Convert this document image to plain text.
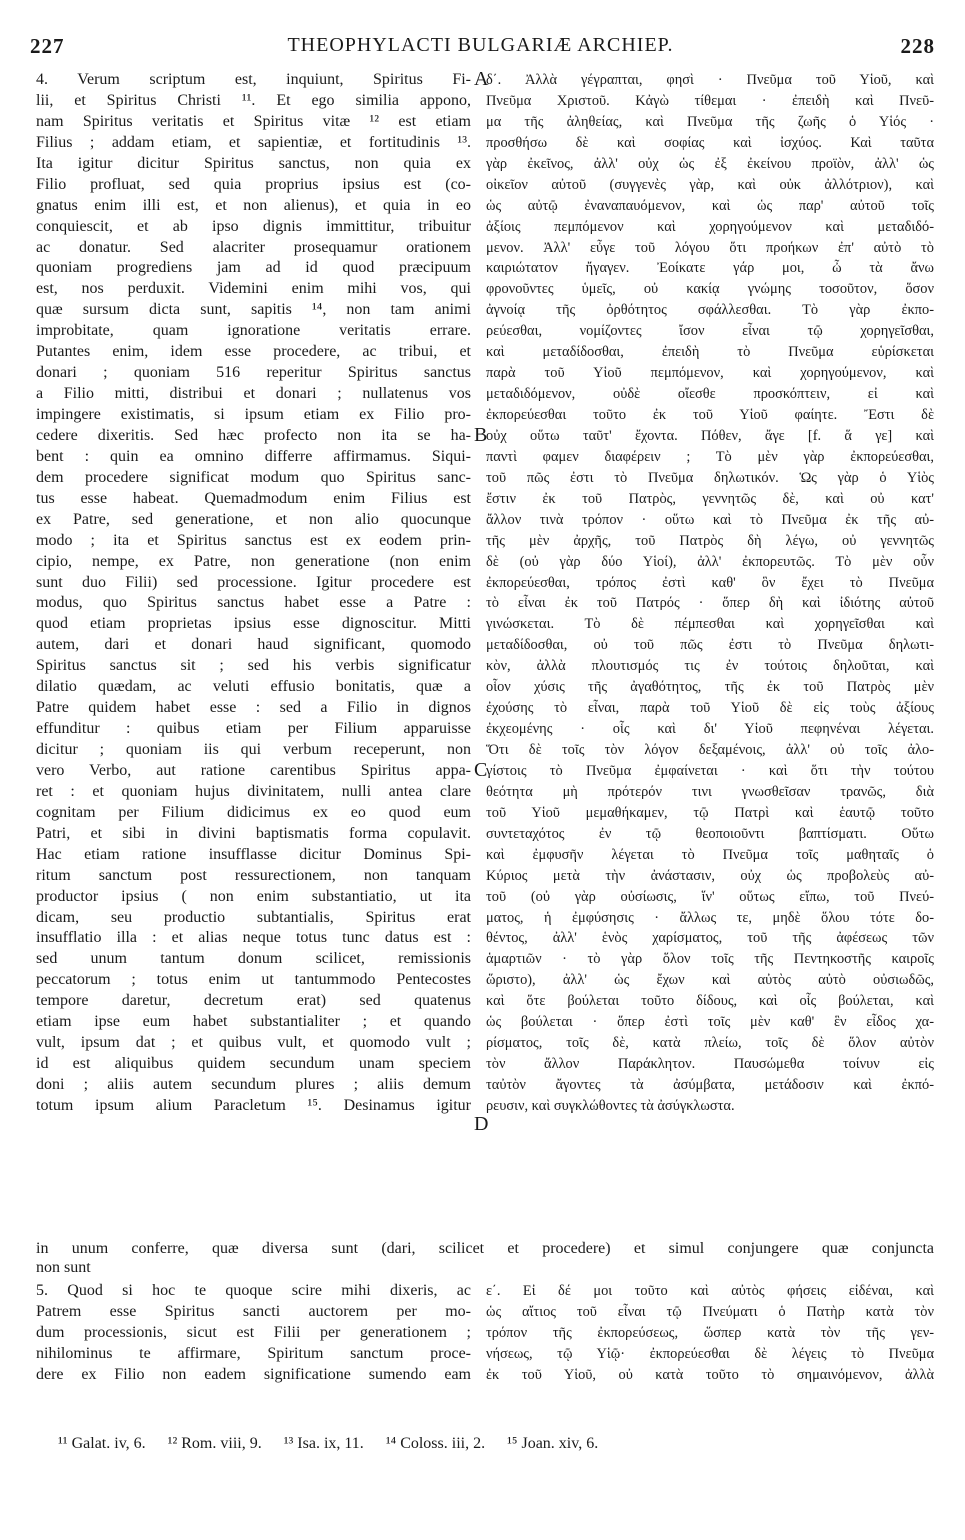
227	THEOPHYLACTI BULGARIÆ ARCHIEP.	228
4. Verum scriptum est, inquiunt, Spiritus Fi-
lii, et Spiritus Christi ¹¹. Et ego similia appono,
nam Spiritus veritatis et Spiritus vitæ ¹² est etiam
Filius ; addam etiam, et sapientiæ, et fortitudinis ¹³.
Ita igitur dicitur Spiritus sanctus, non quia ex
Filio profluat, sed quia proprius ipsius est (co-
gnatus enim illi est, et non alienus), et quia in eo
conquiescit, et ab ipso dignis immittitur, tribuitur
ac donatur. Sed alacriter prosequamur orationem
quoniam progrediens jam ad id quod præcipuum
est, nos perduxit. Videmini enim mihi vos, qui
quæ sursum dicta sunt, sapitis ¹⁴, non tam animi
improbitate, quam ignoratione veritatis errare.
Putantes enim, idem esse procedere, ac tribui, et
donari ; quoniam 516 reperitur Spiritus sanctus
a Filio mitti, distribui et donari ; nullatenus vos
impingere existimatis, si ipsum etiam ex Filio pro-
cedere dixeritis. Sed hæc profecto non ita se ha-
bent : quin ea omnino differre affirmamus. Siqui-
dem procedere significat modum quo Spiritus sanc-
tus esse habeat. Quemadmodum enim Filius est
ex Patre, sed generatione, et non alio quocunque
modo ; ita et Spiritus sanctus est ex eodem prin-
cipio, nempe, ex Patre, non generatione (non enim
sunt duo Filii) sed processione. Igitur procedere est
modus, quo Spiritus sanctus habet esse a Patre :
quod etiam proprietas ipsius esse dignoscitur. Mitti
autem, dari et donari haud significant, quomodo
Spiritus sanctus sit ; sed his verbis significatur
dilatio quædam, ac veluti effusio bonitatis, quæ a
Patre quidem habet esse : sed a Filio in dignos
effunditur : quibus etiam per Filium apparuisse
dicitur ; quoniam iis qui verbum receperunt, non
vero Verbo, aut ratione carentibus Spiritus appa-
ret : et quoniam hujus divinitatem, nulli antea clare
cognitam per Filium didicimus ex eo quod eum
Patri, et sibi in divini baptismatis forma copulavit.
Hac etiam ratione insufflasse dicitur Dominus Spi-
ritum sanctum post ressurectionem, non tanquam
productor ipsius ( non enim substantiatio, ut ita
dicam, seu productio subtantialis, Spiritus erat
insufflatio illa : et alias neque totus tunc datus est :
sed unum tantum donum scilicet, remissionis
peccatorum ; totus enim ut tantummodo Pentecostes
tempore daretur, decretum erat) sed quatenus
etiam ipse eum habet substantialiter ; et quando
vult, ipsum dat ; et quibus vult, et quomodo vult ;
id est aliquibus quidem secundum unam speciem
doni ; aliis autem secundum plures ; aliis demum
totum ipsum alium Paracletum ¹⁵. Desinamus igitur
δ΄. Ἀλλὰ γέγραπται, φησὶ · Πνεῦμα τοῦ Υἱοῦ, καὶ
Πνεῦμα Χριστοῦ. Κἀγὼ τίθεμαι · ἐπειδὴ καὶ Πνεῦ-
μα τῆς ἀληθείας, καὶ Πνεῦμα τῆς ζωῆς ὁ Υἱός ·
προσθήσω δὲ καὶ σοφίας καὶ ἰσχύος. Καὶ ταῦτα
γὰρ ἐκεῖνος, ἀλλ' οὐχ ὡς ἐξ ἐκείνου προϊὸν, ἀλλ' ὡς
οἰκεῖον αὐτοῦ (συγγενὲς γὰρ, καὶ οὐκ ἀλλότριον), καὶ
ὡς αὐτῷ ἐναναπαυόμενον, καὶ ὡς παρ' αὐτοῦ τοῖς
ἀξίοις πεμπόμενον καὶ χορηγούμενον καὶ μεταδιδό-
μενον. Ἀλλ' εὖγε τοῦ λόγου ὅτι προήκων ἐπ' αὐτὸ τὸ
καιριώτατον ἤγαγεν. Ἐοίκατε γάρ μοι, ὦ τὰ ἄνω
φρονοῦντες ὑμεῖς, οὐ κακίᾳ γνώμης τοσοῦτον, ὅσον
ἀγνοίᾳ τῆς ὀρθότητος σφάλλεσθαι. Τὸ γὰρ ἐκπο-
ρεύεσθαι, νομίζοντες ἴσον εἶναι τῷ χορηγεῖσθαι,
καὶ μεταδίδοσθαι, ἐπειδὴ τὸ Πνεῦμα εὑρίσκεται
παρὰ τοῦ Υἱοῦ πεμπόμενον, καὶ χορηγούμενον, καὶ
μεταδιδόμενον, οὐδὲ οἴεσθε προσκόπτειν, εἰ καὶ
ἐκπορεύεσθαι τοῦτο ἐκ τοῦ Υἱοῦ φαίητε. Ἔστι δὲ
οὐχ οὕτω ταῦτ' ἔχοντα. Πόθεν, ἄγε [f. ἅ γε] καὶ
παντὶ φαμεν διαφέρειν ; Τὸ μὲν γὰρ ἐκπορεύεσθαι,
τοῦ πῶς ἐστι τὸ Πνεῦμα δηλωτικόν. Ὡς γὰρ ὁ Υἱὸς
ἔστιν ἐκ τοῦ Πατρὸς, γεννητῶς δὲ, καὶ οὐ κατ'
ἄλλον τινὰ τρόπον · οὕτω καὶ τὸ Πνεῦμα ἐκ τῆς αὐ-
τῆς μὲν ἀρχῆς, τοῦ Πατρὸς δὴ λέγω, οὐ γεννητῶς
δὲ (οὐ γὰρ δύο Υἱοί), ἀλλ' ἐκπορευτῶς. Τὸ μὲν οὖν
ἐκπορεύεσθαι, τρόπος ἐστὶ καθ' ὃν ἔχει τὸ Πνεῦμα
τὸ εἶναι ἐκ τοῦ Πατρός · ὅπερ δὴ καὶ ἰδιότης αὐτοῦ
γινώσκεται. Τὸ δὲ πέμπεσθαι καὶ χορηγεῖσθαι καὶ
μεταδίδοσθαι, οὐ τοῦ πῶς ἐστι τὸ Πνεῦμα δηλωτι-
κὸν, ἀλλὰ πλουτισμός τις ἐν τούτοις δηλοῦται, καὶ
οἷον χύσις τῆς ἀγαθότητος, τῆς ἐκ τοῦ Πατρὸς μὲν
ἐχούσης τὸ εἶναι, παρὰ τοῦ Υἱοῦ δὲ εἰς τοὺς ἀξίους
ἐκχεομένης · οἷς καὶ δι' Υἱοῦ πεφηνέναι λέγεται.
Ὅτι δὲ τοῖς τὸν λόγον δεξαμένοις, ἀλλ' οὐ τοῖς ἀλο-
γίστοις τὸ Πνεῦμα ἐμφαίνεται · καὶ ὅτι τὴν τούτου
θεότητα μὴ πρότερόν τινι γνωσθεῖσαν τρανῶς, διὰ
τοῦ Υἱοῦ μεμαθήκαμεν, τῷ Πατρὶ καὶ ἑαυτῷ τοῦτο
συντεταχότος ἐν τῷ θεοποιοῦντι βαπτίσματι. Οὕτω
καὶ ἐμφυσῆν λέγεται τὸ Πνεῦμα τοῖς μαθηταῖς ὁ
Κύριος μετὰ τὴν ἀνάστασιν, οὐχ ὡς προβολεὺς αὐ-
τοῦ (οὐ γὰρ οὐσίωσις, ἵν' οὕτως εἴπω, τοῦ Πνεύ-
ματος, ἡ ἐμφύσησις · ἄλλως τε, μηδὲ ὅλου τότε δο-
θέντος, ἀλλ' ἑνὸς χαρίσματος, τοῦ τῆς ἀφέσεως τῶν
ἁμαρτιῶν · τὸ γὰρ ὅλον τοῖς τῆς Πεντηκοστῆς καιροῖς
ὥριστο), ἀλλ' ὡς ἔχων καὶ αὐτὸς αὐτὸ οὐσιωδῶς,
καὶ ὅτε βούλεται τοῦτο δίδους, καὶ οἷς βούλεται, καὶ
ὡς βούλεται · ὅπερ ἐστὶ τοῖς μὲν καθ' ἓν εἶδος χα-
ρίσματος, τοῖς δὲ, κατὰ πλείω, τοῖς δὲ ὅλον αὐτὸν
τὸν ἄλλον Παράκλητον. Παυσώμεθα τοίνυν εἰς
ταὐτὸν ἄγοντες τὰ ἀσύμβατα, μετάδοσιν καὶ ἐκπό-
ρευσιν, καὶ συγκλώθοντες τὰ ἀσύγκλωστα.
A
B
C
D
in unum conferre, quæ diversa sunt (dari, scilicet et procedere) et simul conjungere quæ conjuncta
non sunt
5. Quod si hoc te quoque scire mihi dixeris, ac
Patrem esse Spiritus sancti auctorem per mo-
dum processionis, sicut est Filii per generationem ;
nihilominus te affirmare, Spiritum sanctum proce-
dere ex Filio non eadem significatione sumendo eam
ε΄. Εἰ δέ μοι τοῦτο καὶ αὐτὸς φήσεις εἰδέναι, καὶ
ὡς αἴτιος τοῦ εἶναι τῷ Πνεύματι ὁ Πατὴρ κατὰ τὸν
τρόπον τῆς ἐκπορεύσεως, ὥσπερ κατὰ τὸν τῆς γεν-
νήσεως, τῷ Υἱῷ· ἐκπορεύεσθαι δὲ λέγεις τὸ Πνεῦμα
ἐκ τοῦ Υἱοῦ, οὐ κατὰ τοῦτο τὸ σημαινόμενον, ἀλλὰ
¹¹ Galat. iv, 6. ¹² Rom. viii, 9. ¹³ Isa. ix, 11. ¹⁴ Coloss. iii, 2. ¹⁵ Joan. xiv, 6.
